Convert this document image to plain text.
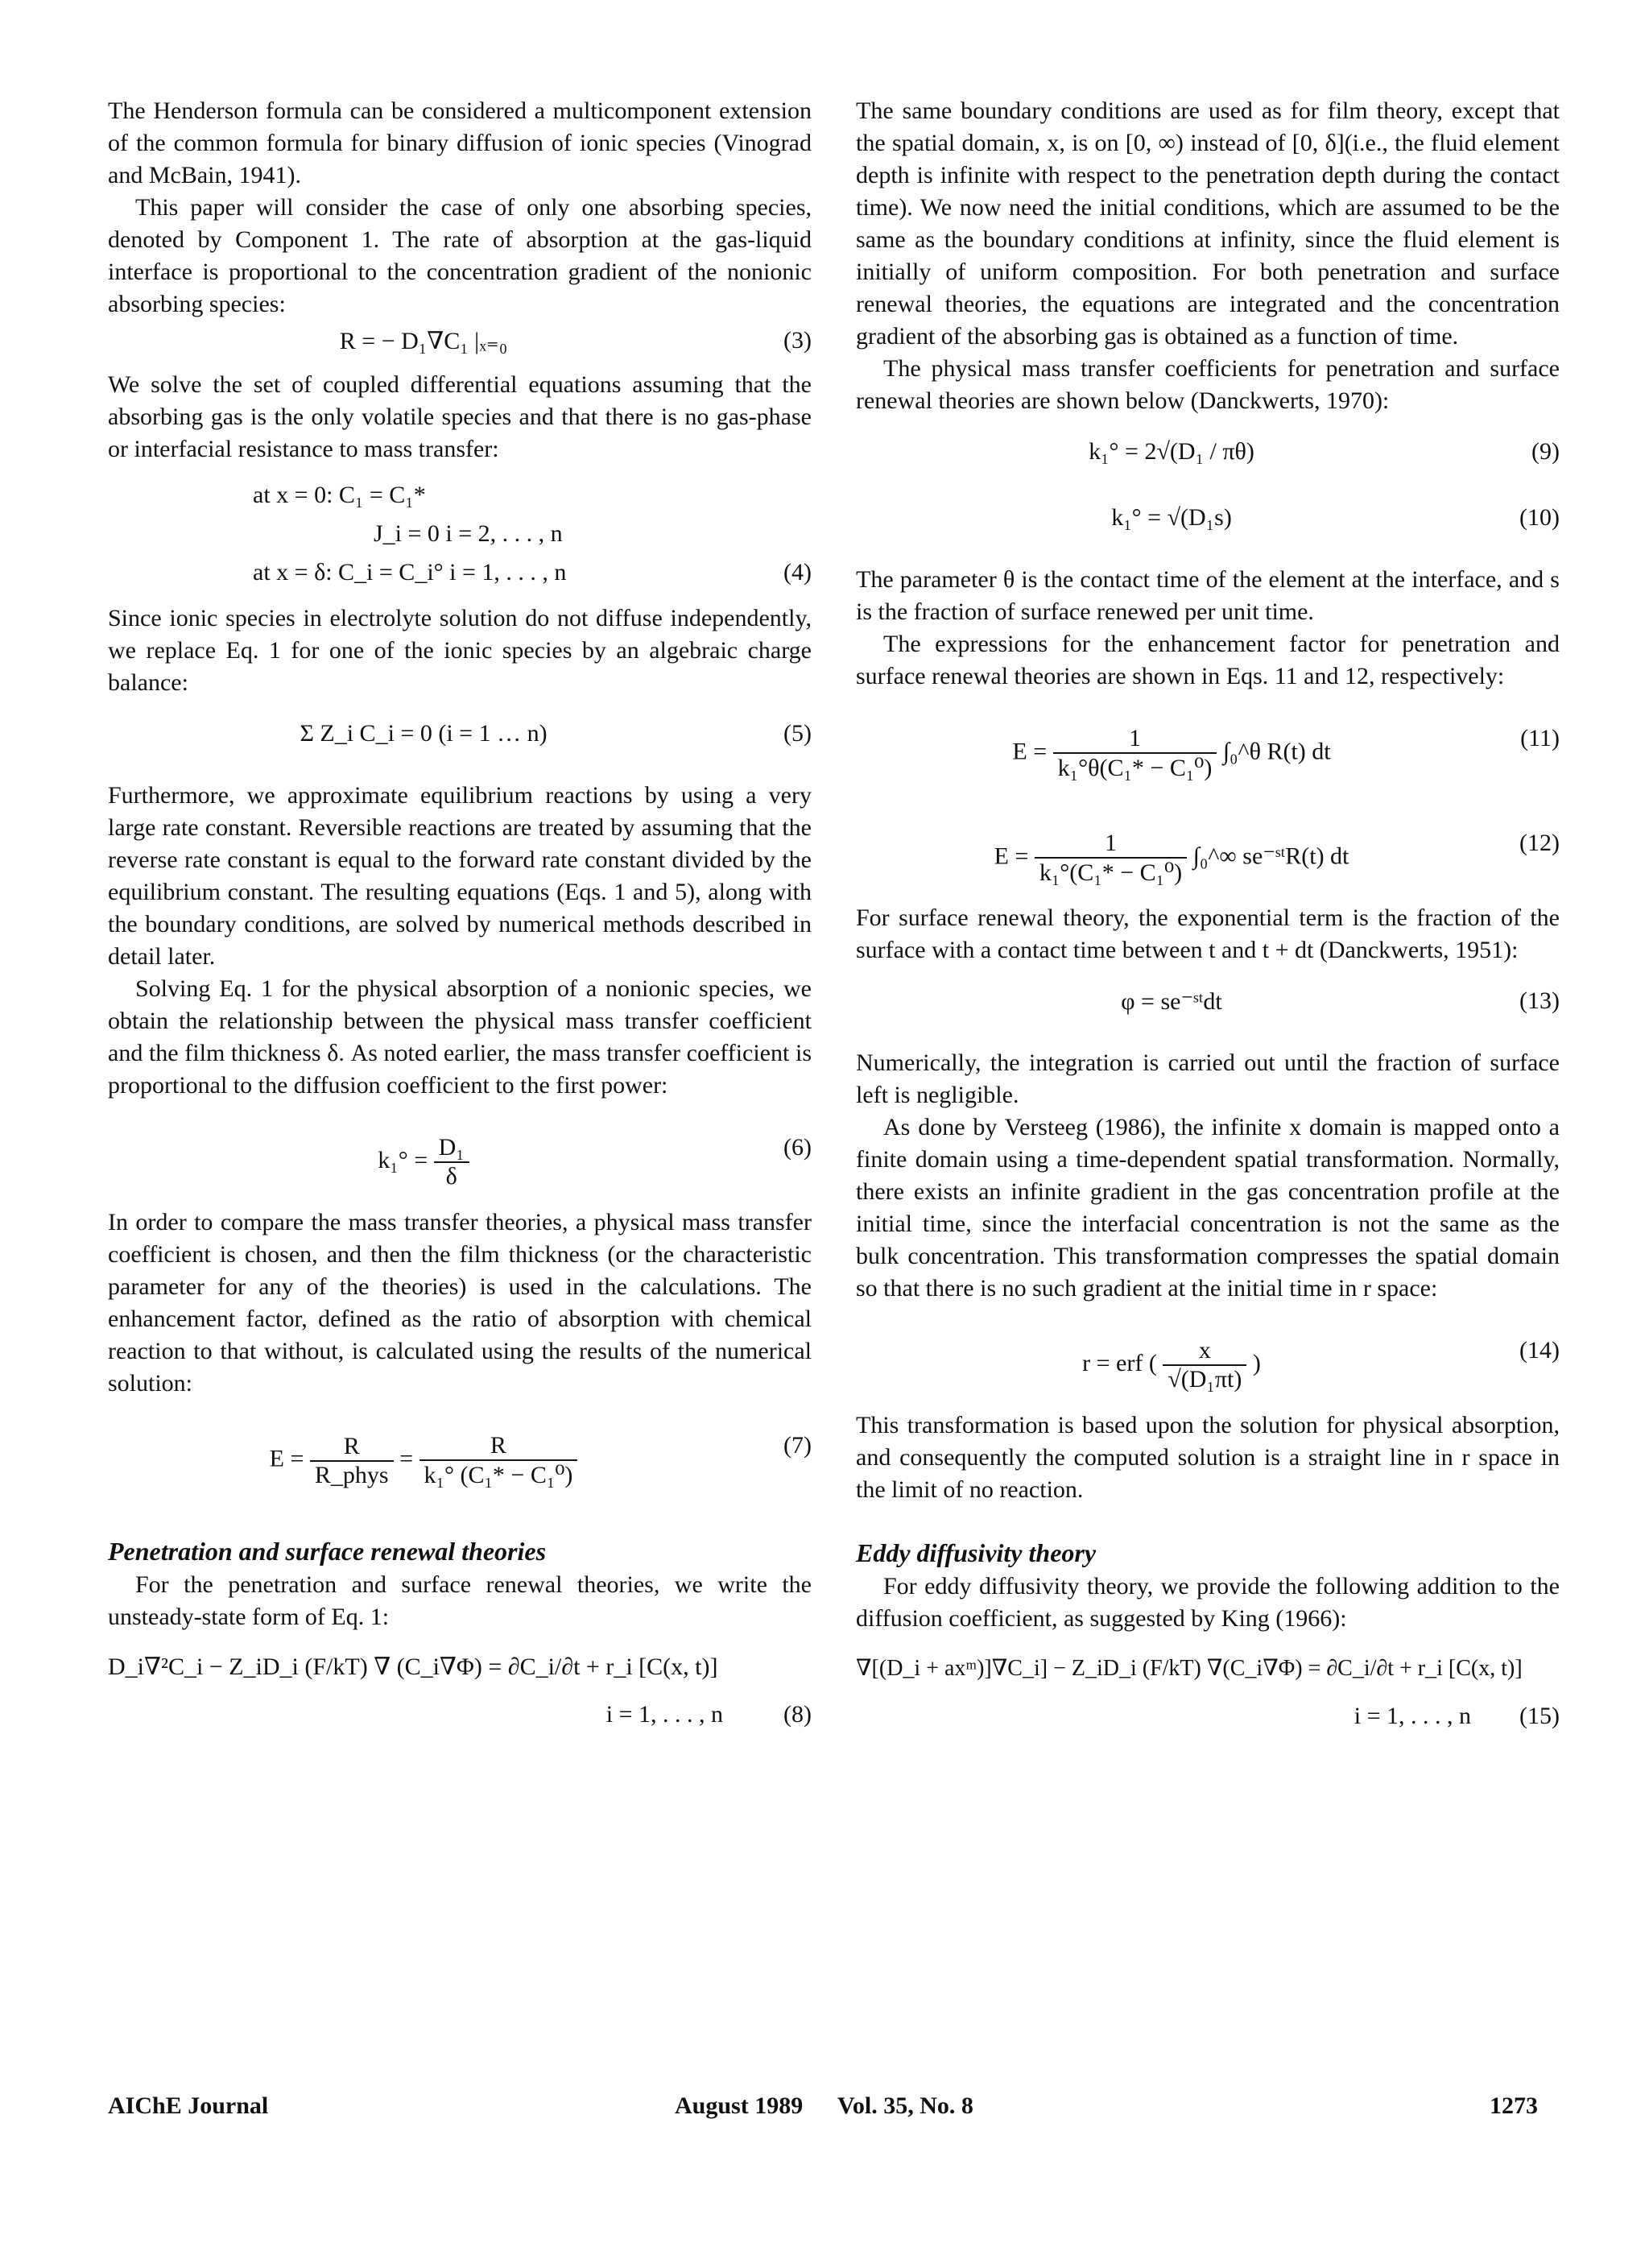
The Henderson formula can be considered a multicomponent extension of the common formula for binary diffusion of ionic species (Vinograd and McBain, 1941).

This paper will consider the case of only one absorbing species, denoted by Component 1. The rate of absorption at the gas-liquid interface is proportional to the concentration gradient of the nonionic absorbing species:

R = − D₁∇C₁ |ₓ₌₀	(3)

We solve the set of coupled differential equations assuming that the absorbing gas is the only volatile species and that there is no gas-phase or interfacial resistance to mass transfer:

at x = 0: C₁ = C₁*
J_i = 0 i = 2, . . . , n
at x = δ: C_i = C_i° i = 1, . . . , n	(4)

Since ionic species in electrolyte solution do not diffuse independently, we replace Eq. 1 for one of the ionic species by an algebraic charge balance:

Σ Z_i C_i = 0 (i = 1 … n)	(5)

Furthermore, we approximate equilibrium reactions by using a very large rate constant. Reversible reactions are treated by assuming that the reverse rate constant is equal to the forward rate constant divided by the equilibrium constant. The resulting equations (Eqs. 1 and 5), along with the boundary conditions, are solved by numerical methods described in detail later.

Solving Eq. 1 for the physical absorption of a nonionic species, we obtain the relationship between the physical mass transfer coefficient and the film thickness δ. As noted earlier, the mass transfer coefficient is proportional to the diffusion coefficient to the first power:

$k_1^\circ = \frac{\text{D₁}}{\delta}$	(6)

In order to compare the mass transfer theories, a physical mass transfer coefficient is chosen, and then the film thickness (or the characteristic parameter for any of the theories) is used in the calculations. The enhancement factor, defined as the ratio of absorption with chemical reaction to that without, is calculated using the results of the numerical solution:

$E = \frac{R}{\text{R\_phys}} = \frac{R}{\text{k₁° (C₁* − C₁⁰)}}$	(7)
Penetration and surface renewal theories

For the penetration and surface renewal theories, we write the unsteady-state form of Eq. 1:

D_i∇²C_i − Z_iD_i (F/kT) ∇ (C_i∇Φ) = ∂C_i/∂t + r_i [C(x, t)]
i = 1, . . . , n	(8)

The same boundary conditions are used as for film theory, except that the spatial domain, x, is on [0, ∞) instead of [0, δ](i.e., the fluid element depth is infinite with respect to the penetration depth during the contact time). We now need the initial conditions, which are assumed to be the same as the boundary conditions at infinity, since the fluid element is initially of uniform composition. For both penetration and surface renewal theories, the equations are integrated and the concentration gradient of the absorbing gas is obtained as a function of time.

The physical mass transfer coefficients for penetration and surface renewal theories are shown below (Danckwerts, 1970):

k₁° = 2√(D₁ / πθ)	(9)
k₁° = √(D₁s)	(10)

The parameter θ is the contact time of the element at the interface, and s is the fraction of surface renewed per unit time.

The expressions for the enhancement factor for penetration and surface renewal theories are shown in Eqs. 11 and 12, respectively:

$E = \frac{1}{\text{k₁°θ(C₁* − C₁⁰)}}$ ∫₀^θ R(t) dt	(11)
$E = \frac{1}{\text{k₁°(C₁* − C₁⁰)}}$ ∫₀^∞ se⁻ˢᵗR(t) dt	(12)

For surface renewal theory, the exponential term is the fraction of the surface with a contact time between t and t + dt (Danckwerts, 1951):

φ = se⁻ˢᵗdt	(13)

Numerically, the integration is carried out until the fraction of surface left is negligible.

As done by Versteeg (1986), the infinite x domain is mapped onto a finite domain using a time-dependent spatial transformation. Normally, there exists an infinite gradient in the gas concentration profile at the initial time, since the interfacial concentration is not the same as the bulk concentration. This transformation compresses the spatial domain so that there is no such gradient at the initial time in r space:

r = erf ( $\frac{x}{\text{√(D₁πt)}}$ )	(14)

This transformation is based upon the solution for physical absorption, and consequently the computed solution is a straight line in r space in the limit of no reaction.

Eddy diffusivity theory

For eddy diffusivity theory, we provide the following addition to the diffusion coefficient, as suggested by King (1966):

∇[(D_i + axᵐ)]∇C_i] − Z_iD_i (F/kT) ∇(C_i∇Φ) = ∂C_i/∂t + r_i [C(x, t)]
i = 1, . . . , n (15)
AIChE Journal	August 1989 Vol. 35, No. 8	1273
